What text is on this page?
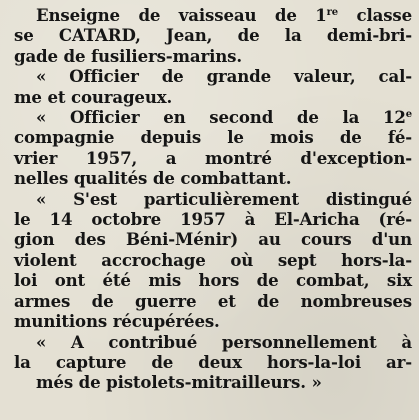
Enseigne de vaisseau de 1re classe
se CATARD, Jean, de la demi-bri-
gade de fusiliers-marins.
« Officier de grande valeur, cal-
me et courageux.
« Officier en second de la 12e
compagnie depuis le mois de fé-
vrier 1957, a montré d'exception-
nelles qualités de combattant.
« S'est particulièrement distingué
le 14 octobre 1957 à El-Aricha (ré-
gion des Béni-Ménir) au cours d'un
violent accrochage où sept hors-la-
loi ont été mis hors de combat, six
armes de guerre et de nombreuses
munitions récupérées.
« A contribué personnellement à
la capture de deux hors-la-loi ar-
més de pistolets-mitrailleurs. »
